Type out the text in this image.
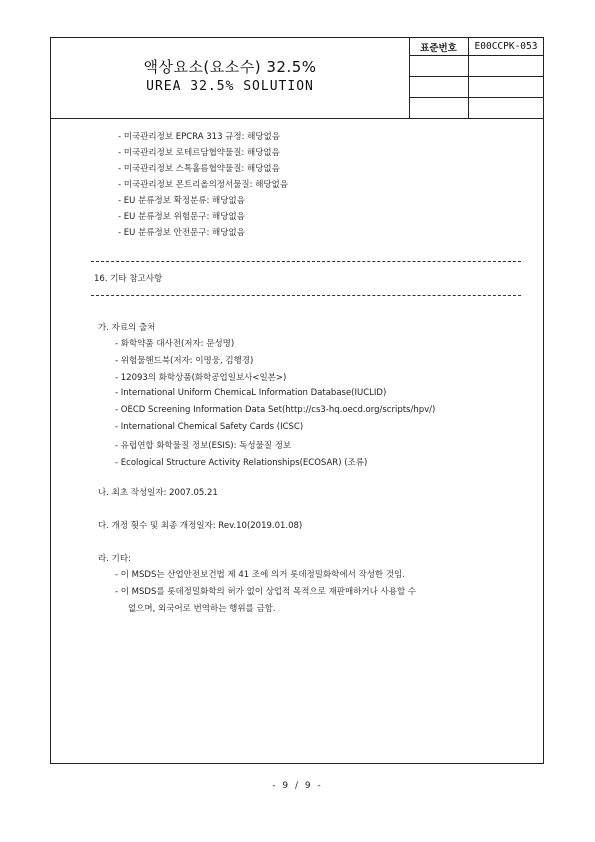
액상요소(요소수) 32.5%
UREA 32.5% SOLUTION
표준번호	E00CCPK-053
- 미국관리정보 EPCRA 313 규정: 해당없음
- 미국관리정보 로테르담협약물질: 해당없음
- 미국관리정보 스톡홀름협약물질: 해당없음
- 미국관리정보 몬트리올의정서물질: 해당없음
- EU 분류정보 확정분류: 해당없음
- EU 분류정보 위험문구: 해당없음
- EU 분류정보 안전문구: 해당없음
16. 기타 참고사항
가. 자료의 출처
- 화학약품 대사전(저자: 문성명)
- 위험물핸드북(저자: 이명웅, 김행경)
- 12093의 화학상품(화학공업일보사<일본>)
- International Uniform ChemicaL Information Database(IUCLID)
- OECD Screening Information Data Set(http://cs3-hq.oecd.org/scripts/hpv/)
- International Chemical Safety Cards (ICSC)
- 유럽연합 화학물질 정보(ESIS): 독성물질 정보
- Ecological Structure Activity Relationships(ECOSAR) (조류)
나. 최초 작성일자: 2007.05.21
다. 개정 횟수 및 최종 개정일자: Rev.10(2019.01.08)
라. 기타:
- 이 MSDS는 산업안전보건법 제 41 조에 의거 롯데정밀화학에서 작성한 것임.
- 이 MSDS를 롯데정밀화학의 허가 없이 상업적 목적으로 재판매하거나 사용할 수
없으며, 외국어로 번역하는 행위를 금함.
- 9 / 9 -
